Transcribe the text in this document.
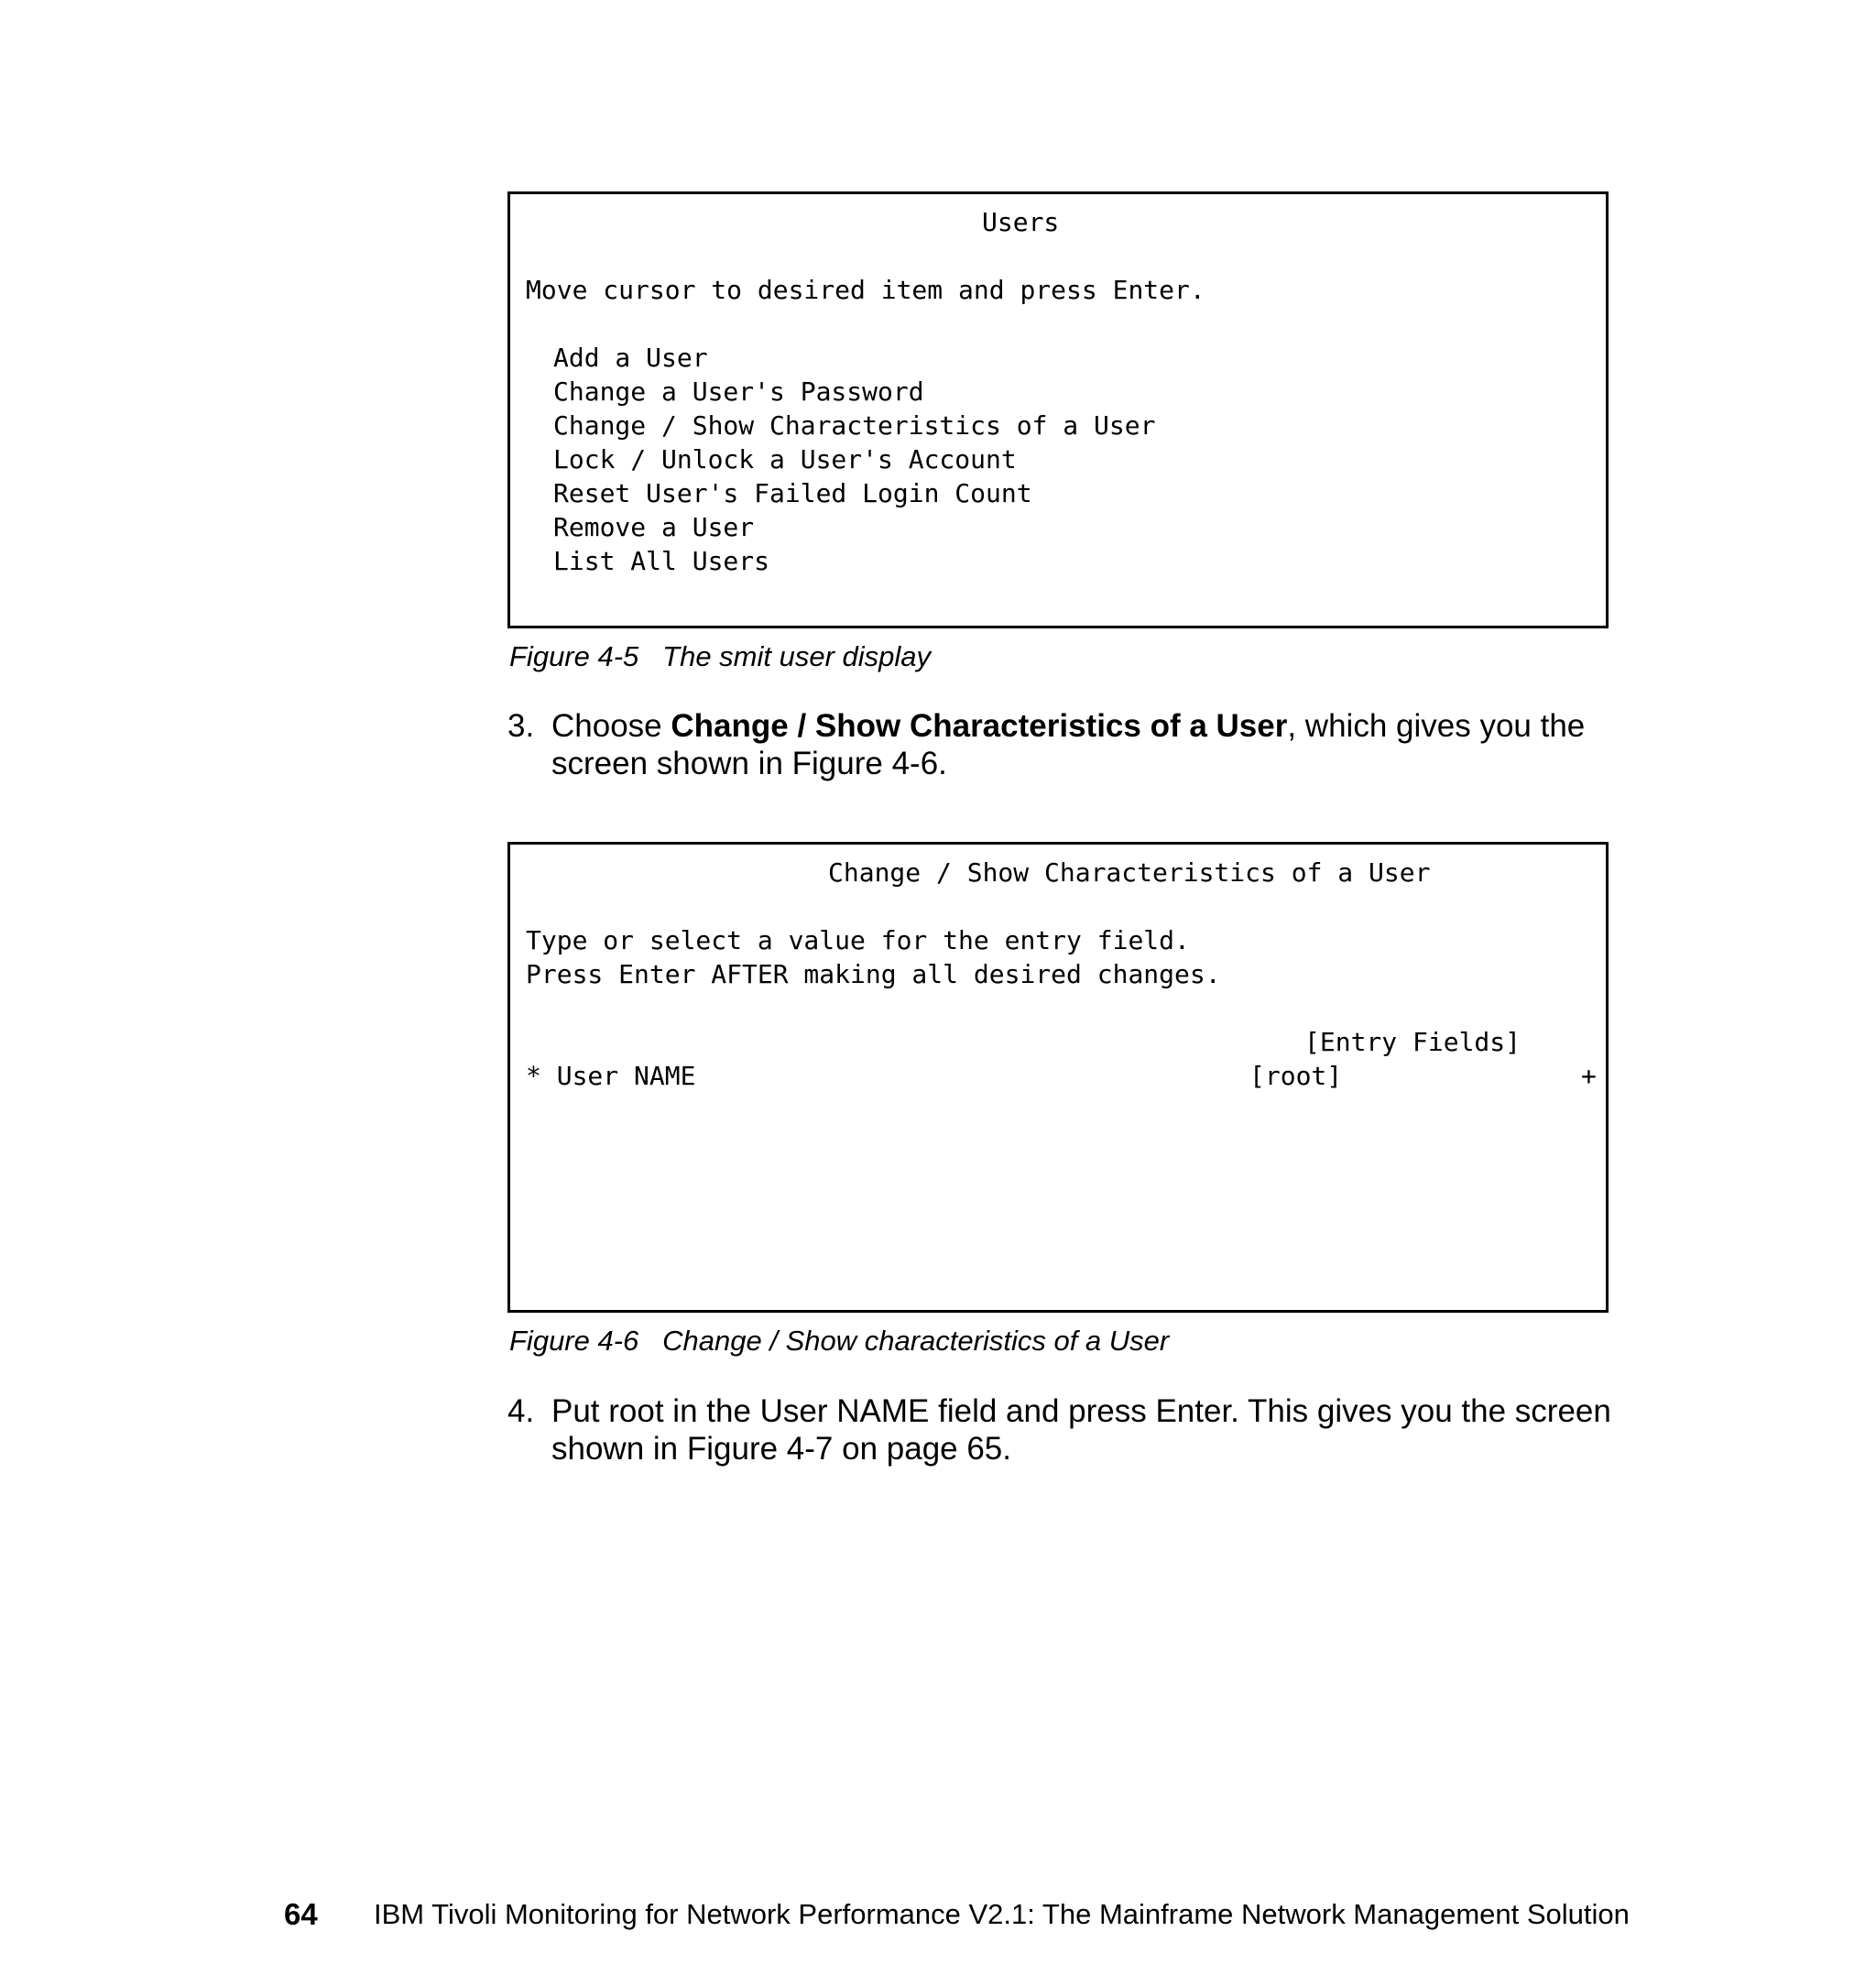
Users
Move cursor to desired item and press Enter.
Add a User
Change a User's Password
Change / Show Characteristics of a User
Lock / Unlock a User's Account
Reset User's Failed Login Count
Remove a User
List All Users
Figure 4-5 The smit user display
3. Choose Change / Show Characteristics of a User, which gives you the
screen shown in Figure 4-6.
Change / Show Characteristics of a User
Type or select a value for the entry field.
Press Enter AFTER making all desired changes.
[Entry Fields]
* User NAME	[root]	+
Figure 4-6 Change / Show characteristics of a User
4. Put root in the User NAME field and press Enter. This gives you the screen
shown in Figure 4-7 on page 65.
64 IBM Tivoli Monitoring for Network Performance V2.1: The Mainframe Network Management Solution
